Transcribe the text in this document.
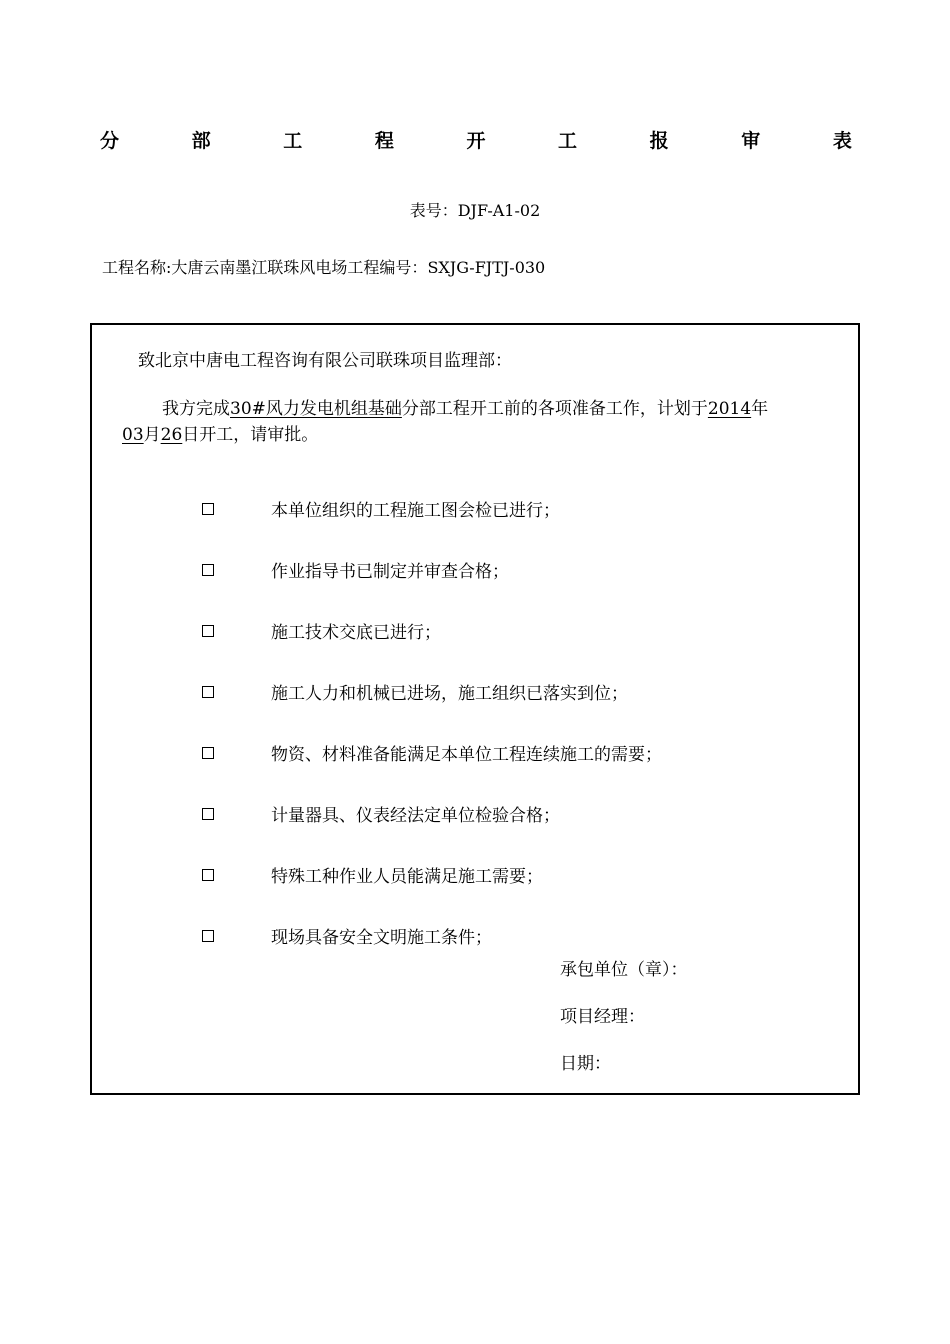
分	部	工	程	开	工	报	审	表
表号：DJF-A1-02
工程名称:大唐云南墨江联珠风电场工程编号：SXJG-FJTJ-030
致北京中唐电工程咨询有限公司联珠项目监理部：
我方完成30#风力发电机组基础分部工程开工前的各项准备工作，计划于2014年
03月26日开工，请审批。
本单位组织的工程施工图会检已进行；
作业指导书已制定并审查合格；
施工技术交底已进行；
施工人力和机械已进场，施工组织已落实到位；
物资、材料准备能满足本单位工程连续施工的需要；
计量器具、仪表经法定单位检验合格；
特殊工种作业人员能满足施工需要；
现场具备安全文明施工条件；
承包单位（章）：
项目经理：
日期：
